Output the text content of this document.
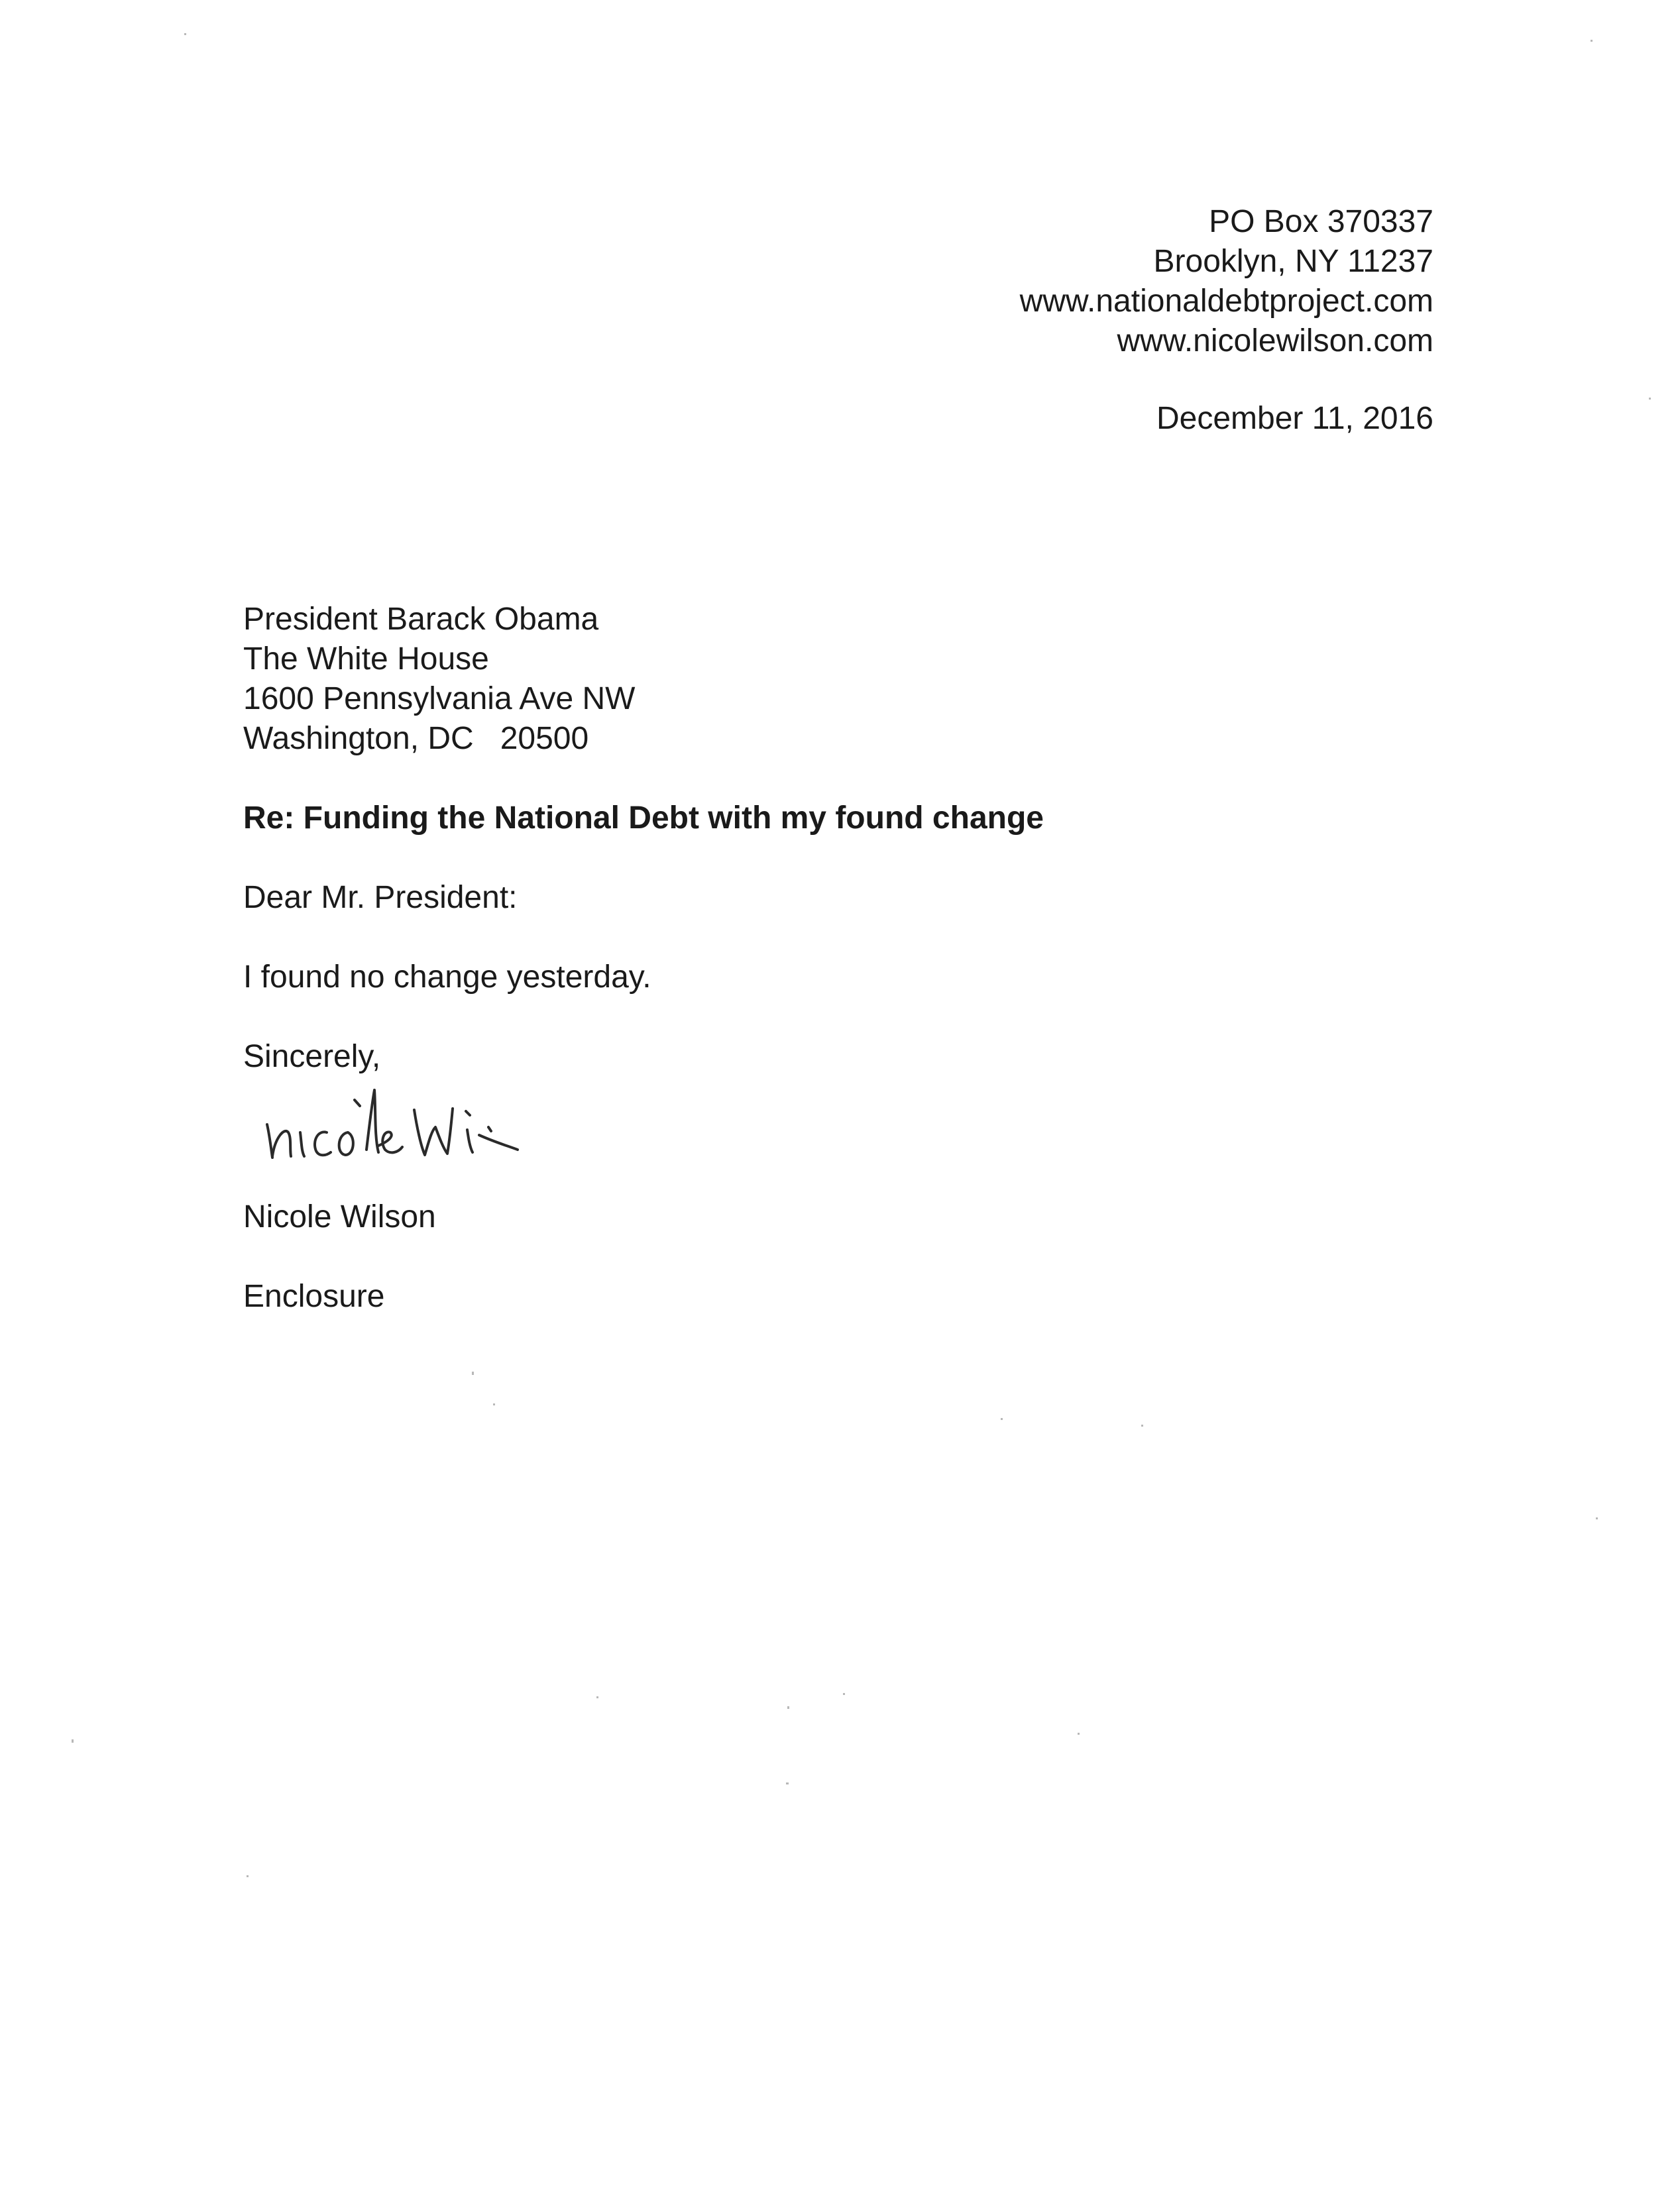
PO Box 370337
Brooklyn, NY 11237
www.nationaldebtproject.com
www.nicolewilson.com
December 11, 2016
President Barack Obama
The White House
1600 Pennsylvania Ave NW
Washington, DC   20500
Re: Funding the National Debt with my found change

Dear Mr. President:

I found no change yesterday.

Sincerely,

Nicole Wilson

Enclosure
